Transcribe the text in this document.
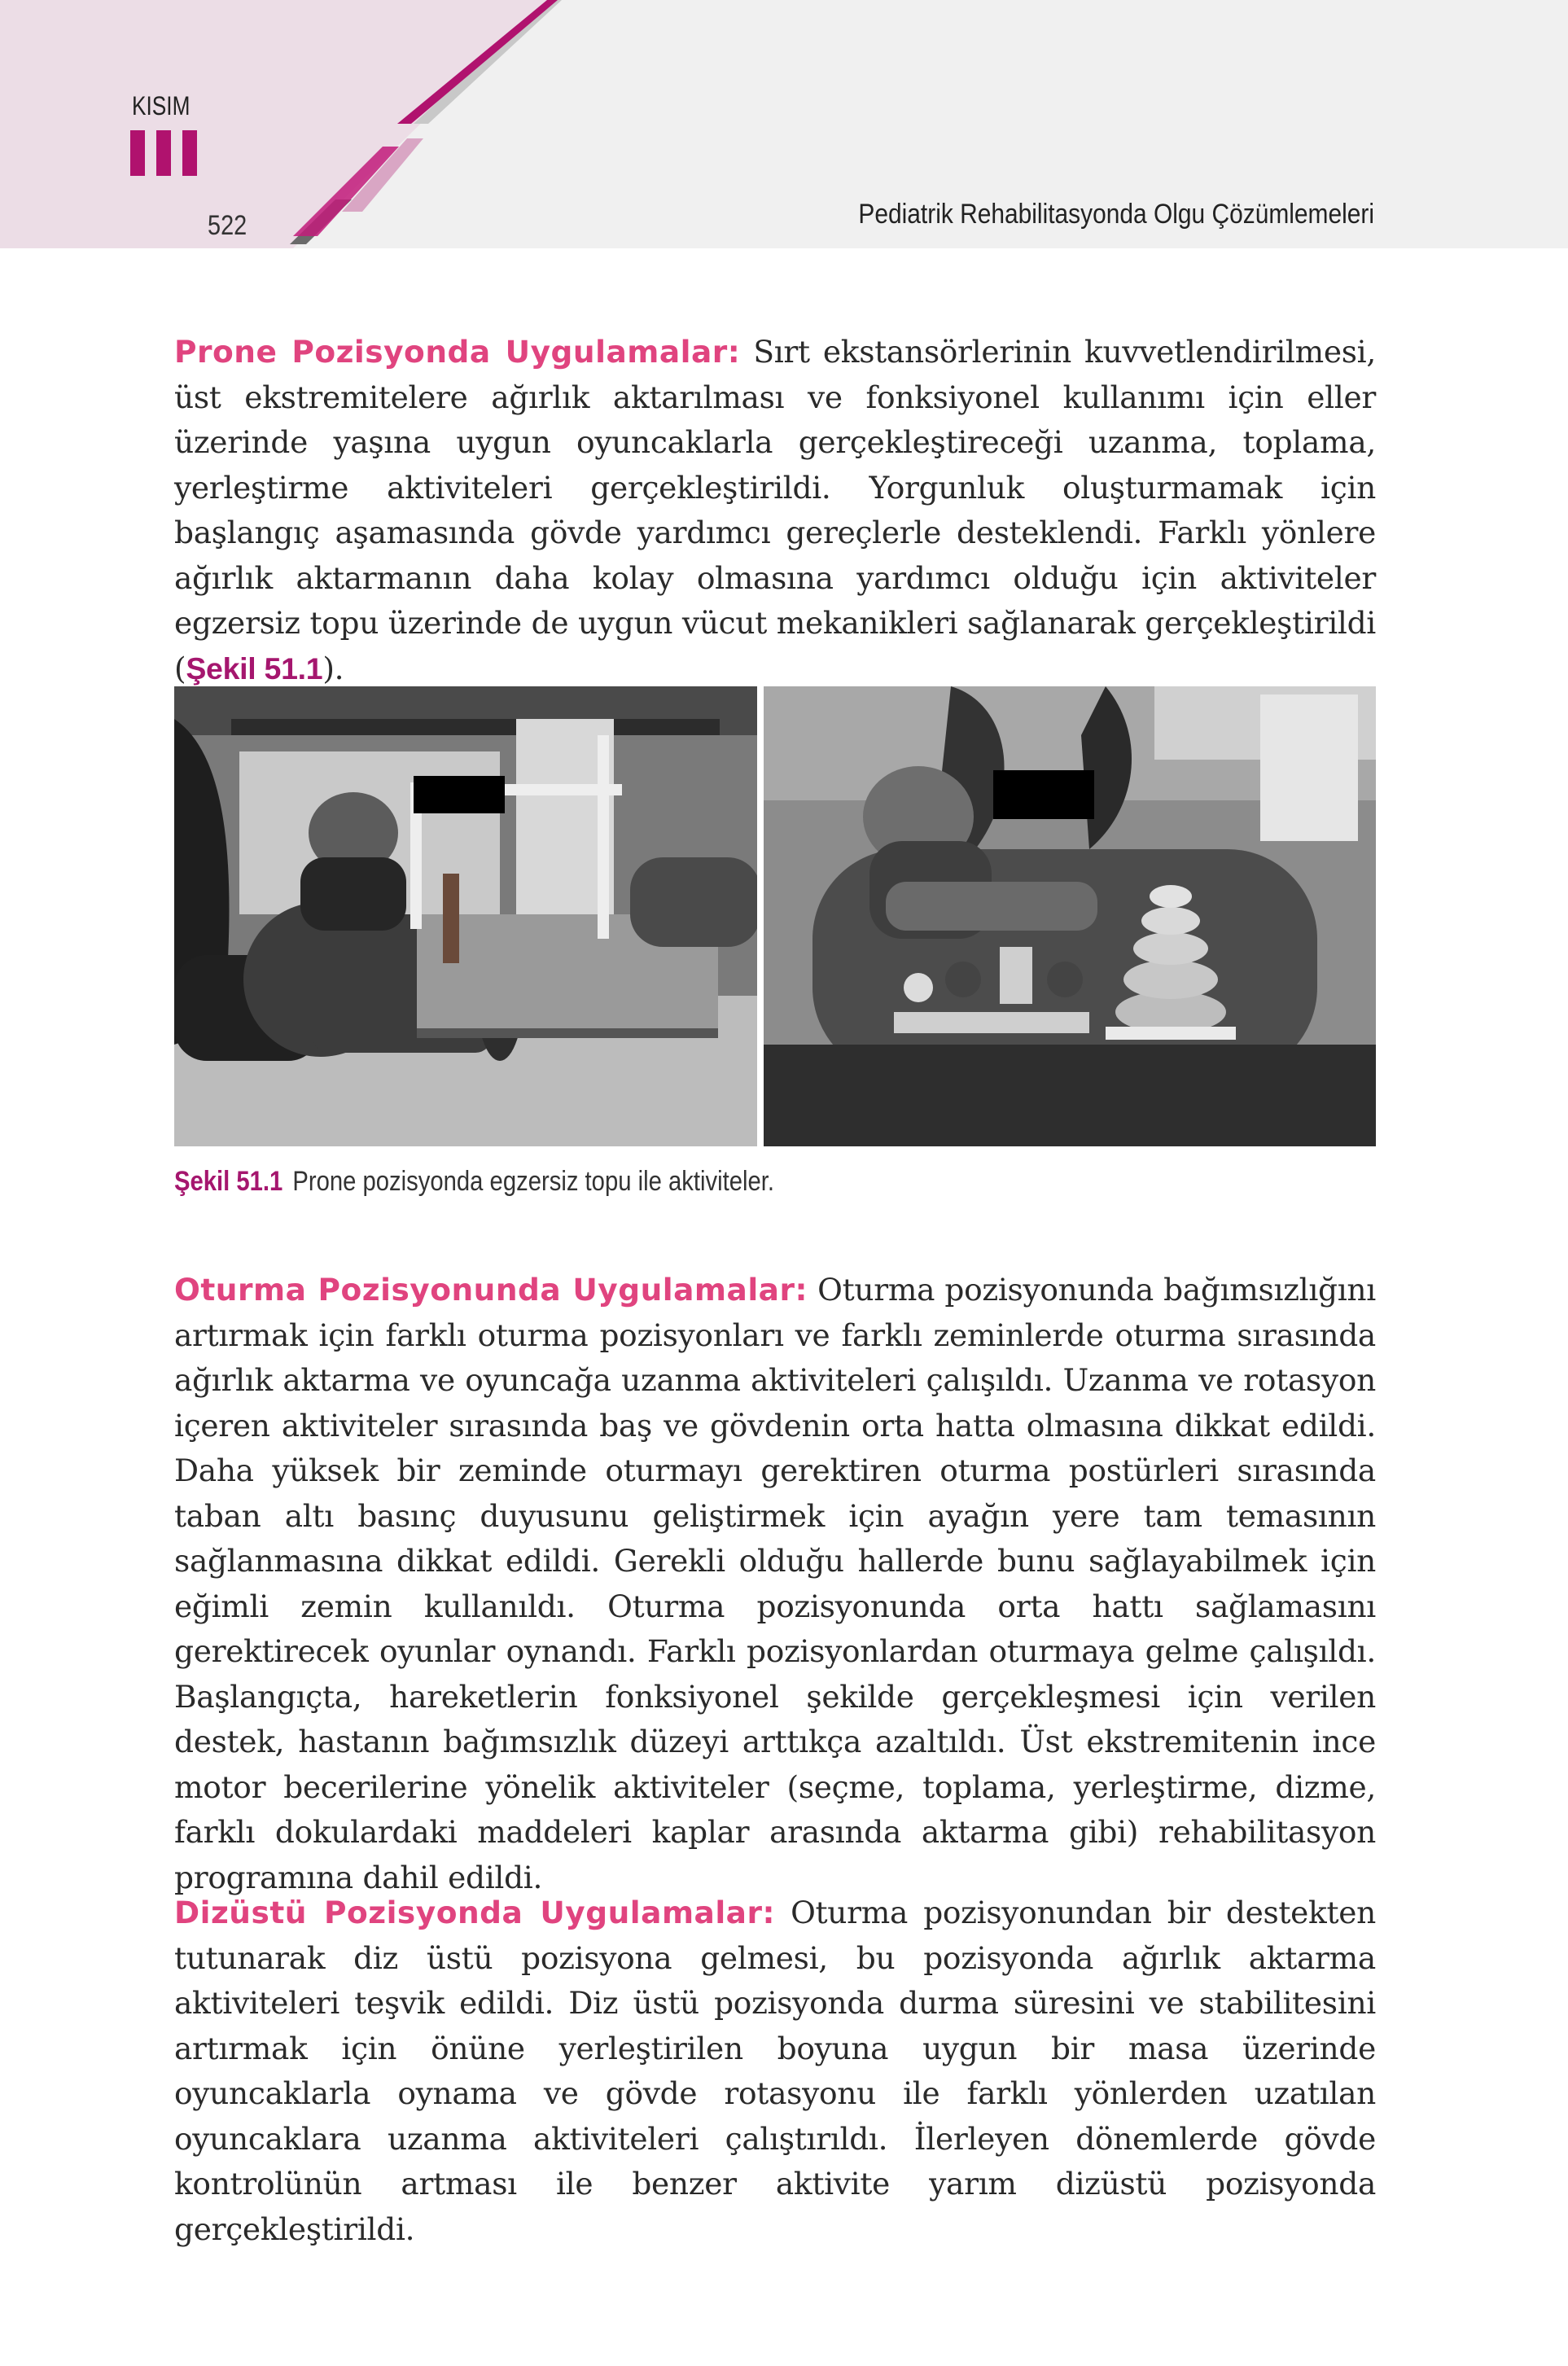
KISIM
522	Pediatrik Rehabilitasyonda Olgu Çözümlemeleri

Prone Pozisyonda Uygulamalar: Sırt ekstansörlerinin kuvvetlendirilmesi, üst ekstremitelere ağırlık aktarılması ve fonksiyonel kullanımı için eller üzerinde yaşına uygun oyuncaklarla gerçekleştireceği uzanma, toplama, yerleştirme aktiviteleri gerçekleştirildi. Yorgunluk oluşturmamak için başlangıç aşamasında gövde yardımcı gereçlerle desteklendi. Farklı yönlere ağırlık aktarmanın daha kolay olmasına yardımcı olduğu için aktiviteler egzersiz topu üzerinde de uygun vücut mekanikleri sağlanarak gerçekleştirildi (Şekil 51.1).

Şekil 51.1 Prone pozisyonda egzersiz topu ile aktiviteler.

Oturma Pozisyonunda Uygulamalar: Oturma pozisyonunda bağımsızlığını artırmak için farklı oturma pozisyonları ve farklı zeminlerde oturma sırasında ağırlık aktarma ve oyuncağa uzanma aktiviteleri çalışıldı. Uzanma ve rotasyon içeren aktiviteler sırasında baş ve gövdenin orta hatta olmasına dikkat edildi. Daha yüksek bir zeminde oturmayı gerektiren oturma postürleri sırasında taban altı basınç duyusunu geliştirmek için ayağın yere tam temasının sağlanmasına dikkat edildi. Gerekli olduğu hallerde bunu sağlayabilmek için eğimli zemin kullanıldı. Oturma pozisyonunda orta hattı sağlamasını gerektirecek oyunlar oynandı. Farklı pozisyonlardan oturmaya gelme çalışıldı. Başlangıçta, hareketlerin fonksiyonel şekilde gerçekleşmesi için verilen destek, hastanın bağımsızlık düzeyi arttıkça azaltıldı. Üst ekstremitenin ince motor becerilerine yönelik aktiviteler (seçme, toplama, yerleştirme, dizme, farklı dokulardaki maddeleri kaplar arasında aktarma gibi) rehabilitasyon programına dahil edildi.

Dizüstü Pozisyonda Uygulamalar: Oturma pozisyonundan bir destekten tutunarak diz üstü pozisyona gelmesi, bu pozisyonda ağırlık aktarma aktiviteleri teşvik edildi. Diz üstü pozisyonda durma süresini ve stabilitesini artırmak için önüne yerleştirilen boyuna uygun bir masa üzerinde oyuncaklarla oynama ve gövde rotasyonu ile farklı yönlerden uzatılan oyuncaklara uzanma aktiviteleri çalıştırıldı. İlerleyen dönemlerde gövde kontrolünün artması ile benzer aktivite yarım dizüstü pozisyonda gerçekleştirildi.
